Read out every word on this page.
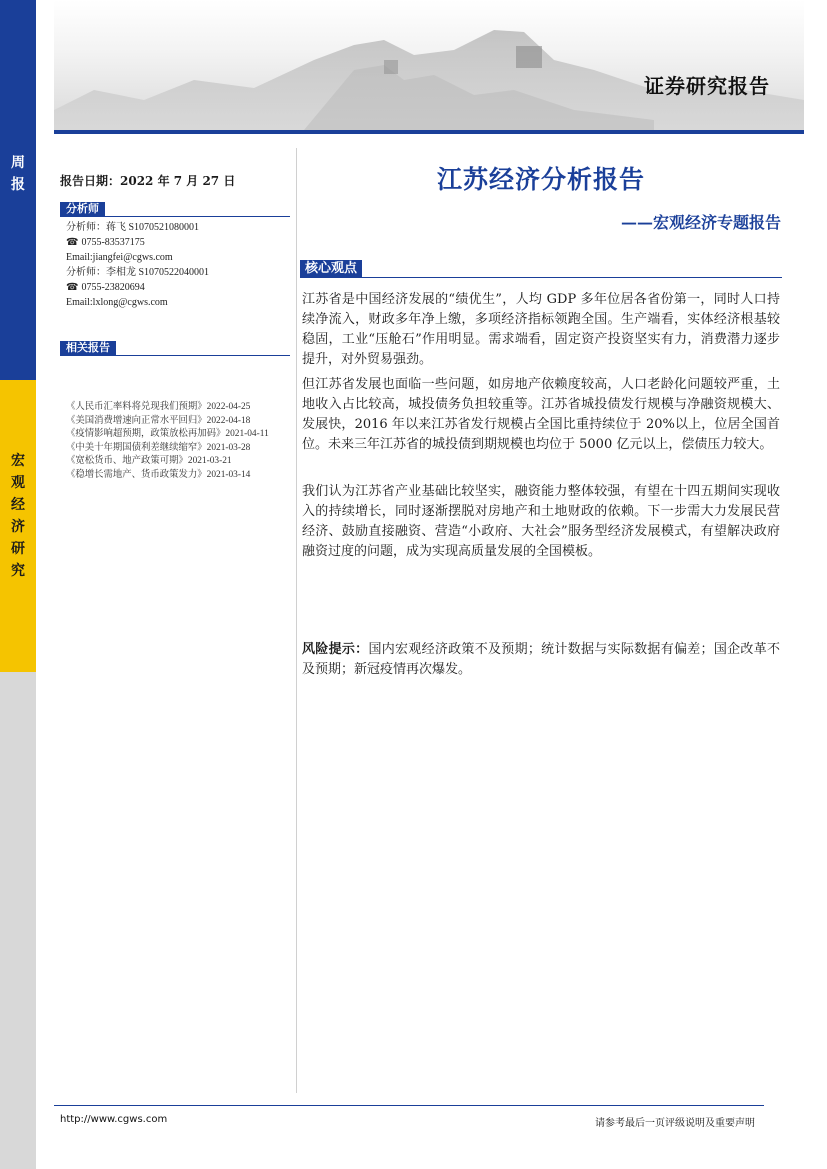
周
报
宏
观
经
济
研
究
证券研究报告
报告日期：2022 年 7 月 27 日
分析师
分析师：蒋飞 S1070521080001
☎ 0755-83537175
Email:jiangfei@cgws.com
分析师：李相龙 S1070522040001
☎ 0755-23820694
Email:lxlong@cgws.com
相关报告
《人民币汇率料将兑现我们预期》2022-04-25
《美国消费增速向正常水平回归》2022-04-18
《疫情影响超预期，政策放松再加码》2021-04-11
《中美十年期国债利差继续缩窄》2021-03-28
《宽松货币、地产政策可期》2021-03-21
《稳增长需地产、货币政策发力》2021-03-14
江苏经济分析报告
——宏观经济专题报告
核心观点
江苏省是中国经济发展的“绩优生”，人均 GDP 多年位居各省份第一，同时人口持续净流入，财政多年净上缴，多项经济指标领跑全国。生产端看，实体经济根基较稳固，工业“压舱石”作用明显。需求端看，固定资产投资坚实有力，消费潜力逐步提升，对外贸易强劲。
但江苏省发展也面临一些问题，如房地产依赖度较高，人口老龄化问题较严重，土地收入占比较高，城投债务负担较重等。江苏省城投债发行规模与净融资规模大、发展快，2016 年以来江苏省发行规模占全国比重持续位于 20%以上，位居全国首位。未来三年江苏省的城投债到期规模也均位于 5000 亿元以上，偿债压力较大。
我们认为江苏省产业基础比较坚实，融资能力整体较强，有望在十四五期间实现收入的持续增长，同时逐渐摆脱对房地产和土地财政的依赖。下一步需大力发展民营经济、鼓励直接融资、营造“小政府、大社会”服务型经济发展模式，有望解决政府融资过度的问题，成为实现高质量发展的全国模板。
风险提示：国内宏观经济政策不及预期；统计数据与实际数据有偏差；国企改革不及预期；新冠疫情再次爆发。
http://www.cgws.com	请参考最后一页评级说明及重要声明
